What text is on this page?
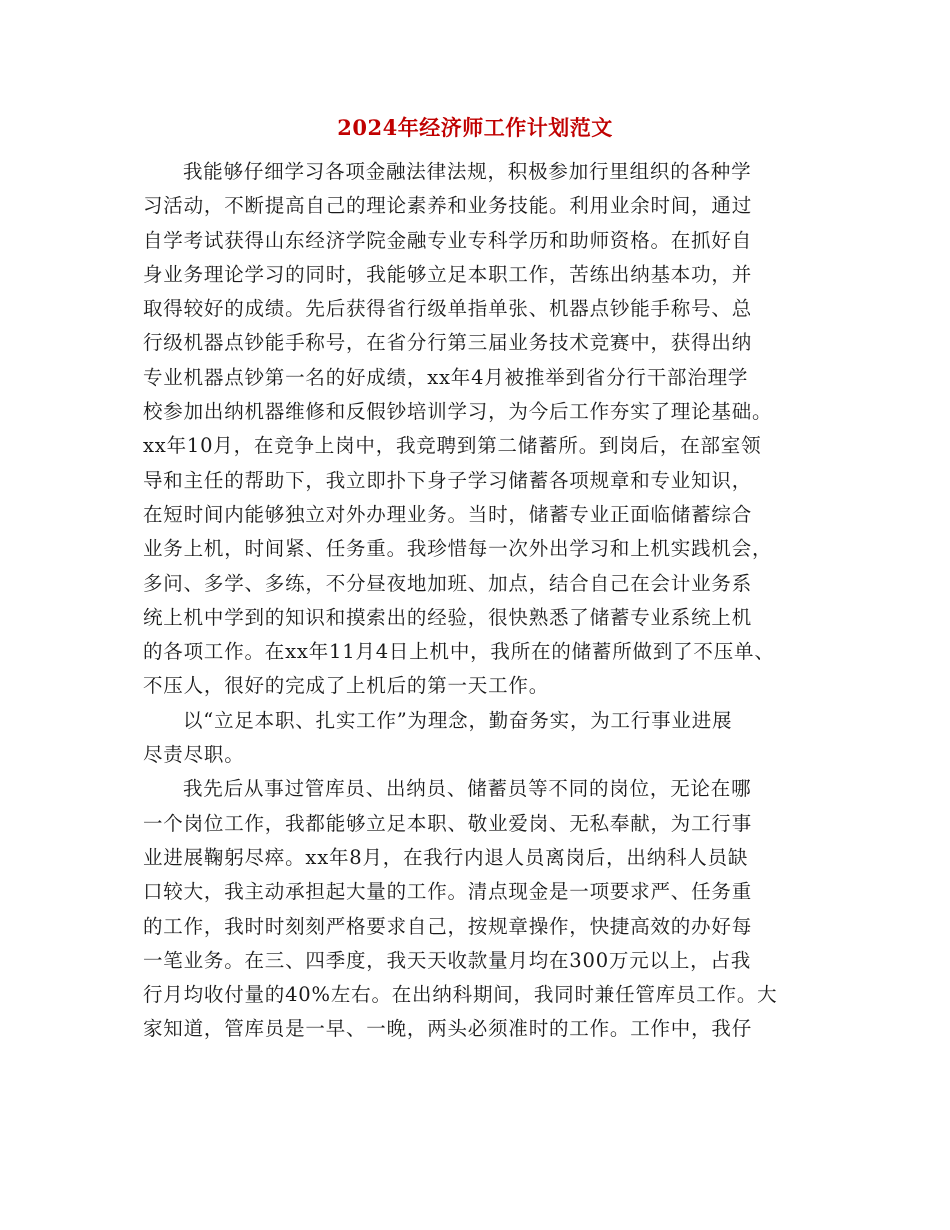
2024年经济师工作计划范文
我能够仔细学习各项金融法律法规，积极参加行里组织的各种学
习活动，不断提高自己的理论素养和业务技能。利用业余时间，通过
自学考试获得山东经济学院金融专业专科学历和助师资格。在抓好自
身业务理论学习的同时，我能够立足本职工作，苦练出纳基本功，并
取得较好的成绩。先后获得省行级单指单张、机器点钞能手称号、总
行级机器点钞能手称号，在省分行第三届业务技术竞赛中，获得出纳
专业机器点钞第一名的好成绩，xx年4月被推举到省分行干部治理学
校参加出纳机器维修和反假钞培训学习，为今后工作夯实了理论基础。
xx年10月，在竞争上岗中，我竞聘到第二储蓄所。到岗后，在部室领
导和主任的帮助下，我立即扑下身子学习储蓄各项规章和专业知识，
在短时间内能够独立对外办理业务。当时，储蓄专业正面临储蓄综合
业务上机，时间紧、任务重。我珍惜每一次外出学习和上机实践机会，
多问、多学、多练，不分昼夜地加班、加点，结合自己在会计业务系
统上机中学到的知识和摸索出的经验，很快熟悉了储蓄专业系统上机
的各项工作。在xx年11月4日上机中，我所在的储蓄所做到了不压单、
不压人，很好的完成了上机后的第一天工作。
以“立足本职、扎实工作”为理念，勤奋务实，为工行事业进展
尽责尽职。
我先后从事过管库员、出纳员、储蓄员等不同的岗位，无论在哪
一个岗位工作，我都能够立足本职、敬业爱岗、无私奉献，为工行事
业进展鞠躬尽瘁。xx年8月，在我行内退人员离岗后，出纳科人员缺
口较大，我主动承担起大量的工作。清点现金是一项要求严、任务重
的工作，我时时刻刻严格要求自己，按规章操作，快捷高效的办好每
一笔业务。在三、四季度，我天天收款量月均在300万元以上，占我
行月均收付量的40%左右。在出纳科期间，我同时兼任管库员工作。大
家知道，管库员是一早、一晚，两头必须准时的工作。工作中，我仔
